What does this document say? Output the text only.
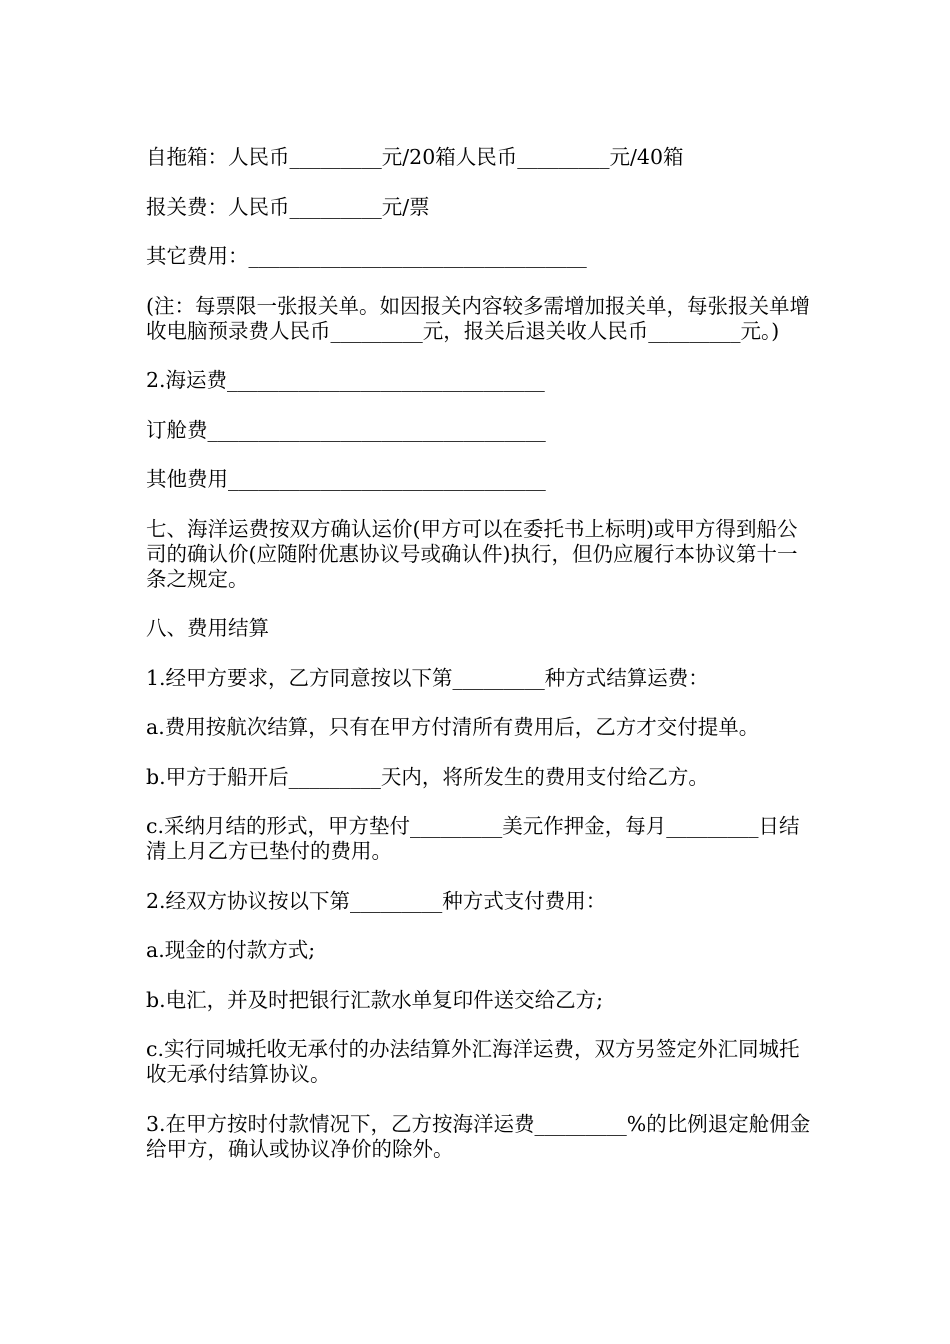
自拖箱：人民币_________元/20箱人民币_________元/40箱

报关费：人民币_________元/票

其它费用：_________________________________

(注：每票限一张报关单。如因报关内容较多需增加报关单，每张报关单增收电脑预录费人民币_________元，报关后退关收人民币_________元。)

2.海运费_______________________________

订舱费_________________________________

其他费用_______________________________

七、海洋运费按双方确认运价(甲方可以在委托书上标明)或甲方得到船公司的确认价(应随附优惠协议号或确认件)执行，但仍应履行本协议第十一条之规定。

八、费用结算

1.经甲方要求，乙方同意按以下第_________种方式结算运费：

a.费用按航次结算，只有在甲方付清所有费用后，乙方才交付提单。

b.甲方于船开后_________天内，将所发生的费用支付给乙方。

c.采纳月结的形式，甲方垫付_________美元作押金，每月_________日结清上月乙方已垫付的费用。

2.经双方协议按以下第_________种方式支付费用：

a.现金的付款方式;

b.电汇，并及时把银行汇款水单复印件送交给乙方;

c.实行同城托收无承付的办法结算外汇海洋运费，双方另签定外汇同城托收无承付结算协议。

3.在甲方按时付款情况下，乙方按海洋运费_________%的比例退定舱佣金给甲方，确认或协议净价的除外。
